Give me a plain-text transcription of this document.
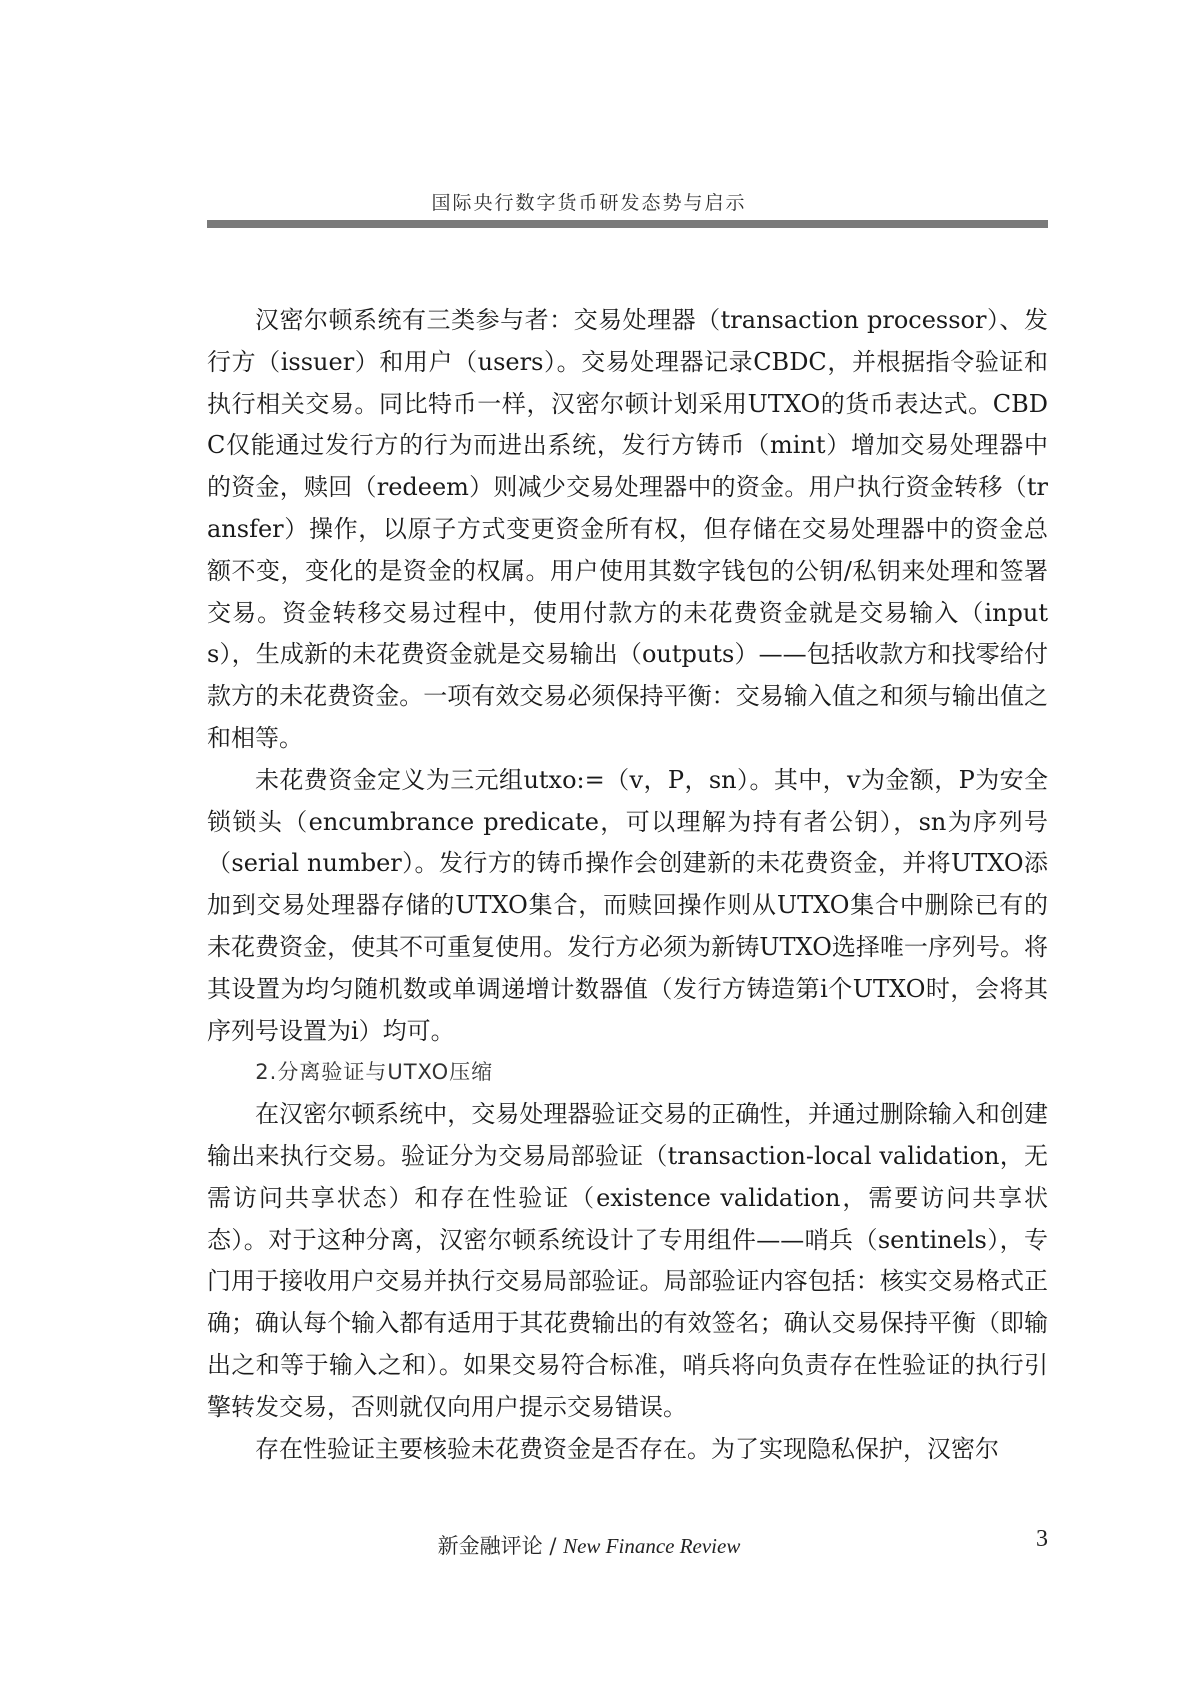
国际央行数字货币研发态势与启示

汉密尔顿系统有三类参与者：交易处理器（transaction processor）、发行方（issuer）和用户（users）。交易处理器记录CBDC，并根据指令验证和执行相关交易。同比特币一样，汉密尔顿计划采用UTXO的货币表达式。CBDC仅能通过发行方的行为而进出系统，发行方铸币（mint）增加交易处理器中的资金，赎回（redeem）则减少交易处理器中的资金。用户执行资金转移（transfer）操作，以原子方式变更资金所有权，但存储在交易处理器中的资金总额不变，变化的是资金的权属。用户使用其数字钱包的公钥/私钥来处理和签署交易。资金转移交易过程中，使用付款方的未花费资金就是交易输入（inputs），生成新的未花费资金就是交易输出（outputs）——包括收款方和找零给付款方的未花费资金。一项有效交易必须保持平衡：交易输入值之和须与输出值之和相等。

未花费资金定义为三元组utxo:=（v，P，sn）。其中，v为金额，P为安全锁锁头（encumbrance predicate，可以理解为持有者公钥），sn为序列号（serial number）。发行方的铸币操作会创建新的未花费资金，并将UTXO添加到交易处理器存储的UTXO集合，而赎回操作则从UTXO集合中删除已有的未花费资金，使其不可重复使用。发行方必须为新铸UTXO选择唯一序列号。将其设置为均匀随机数或单调递增计数器值（发行方铸造第i个UTXO时，会将其序列号设置为i）均可。

2.分离验证与UTXO压缩

在汉密尔顿系统中，交易处理器验证交易的正确性，并通过删除输入和创建输出来执行交易。验证分为交易局部验证（transaction-local validation，无需访问共享状态）和存在性验证（existence validation，需要访问共享状态）。对于这种分离，汉密尔顿系统设计了专用组件——哨兵（sentinels），专门用于接收用户交易并执行交易局部验证。局部验证内容包括：核实交易格式正确；确认每个输入都有适用于其花费输出的有效签名；确认交易保持平衡（即输出之和等于输入之和）。如果交易符合标准，哨兵将向负责存在性验证的执行引擎转发交易，否则就仅向用户提示交易错误。

存在性验证主要核验未花费资金是否存在。为了实现隐私保护，汉密尔

新金融评论 / New Finance Review	3
